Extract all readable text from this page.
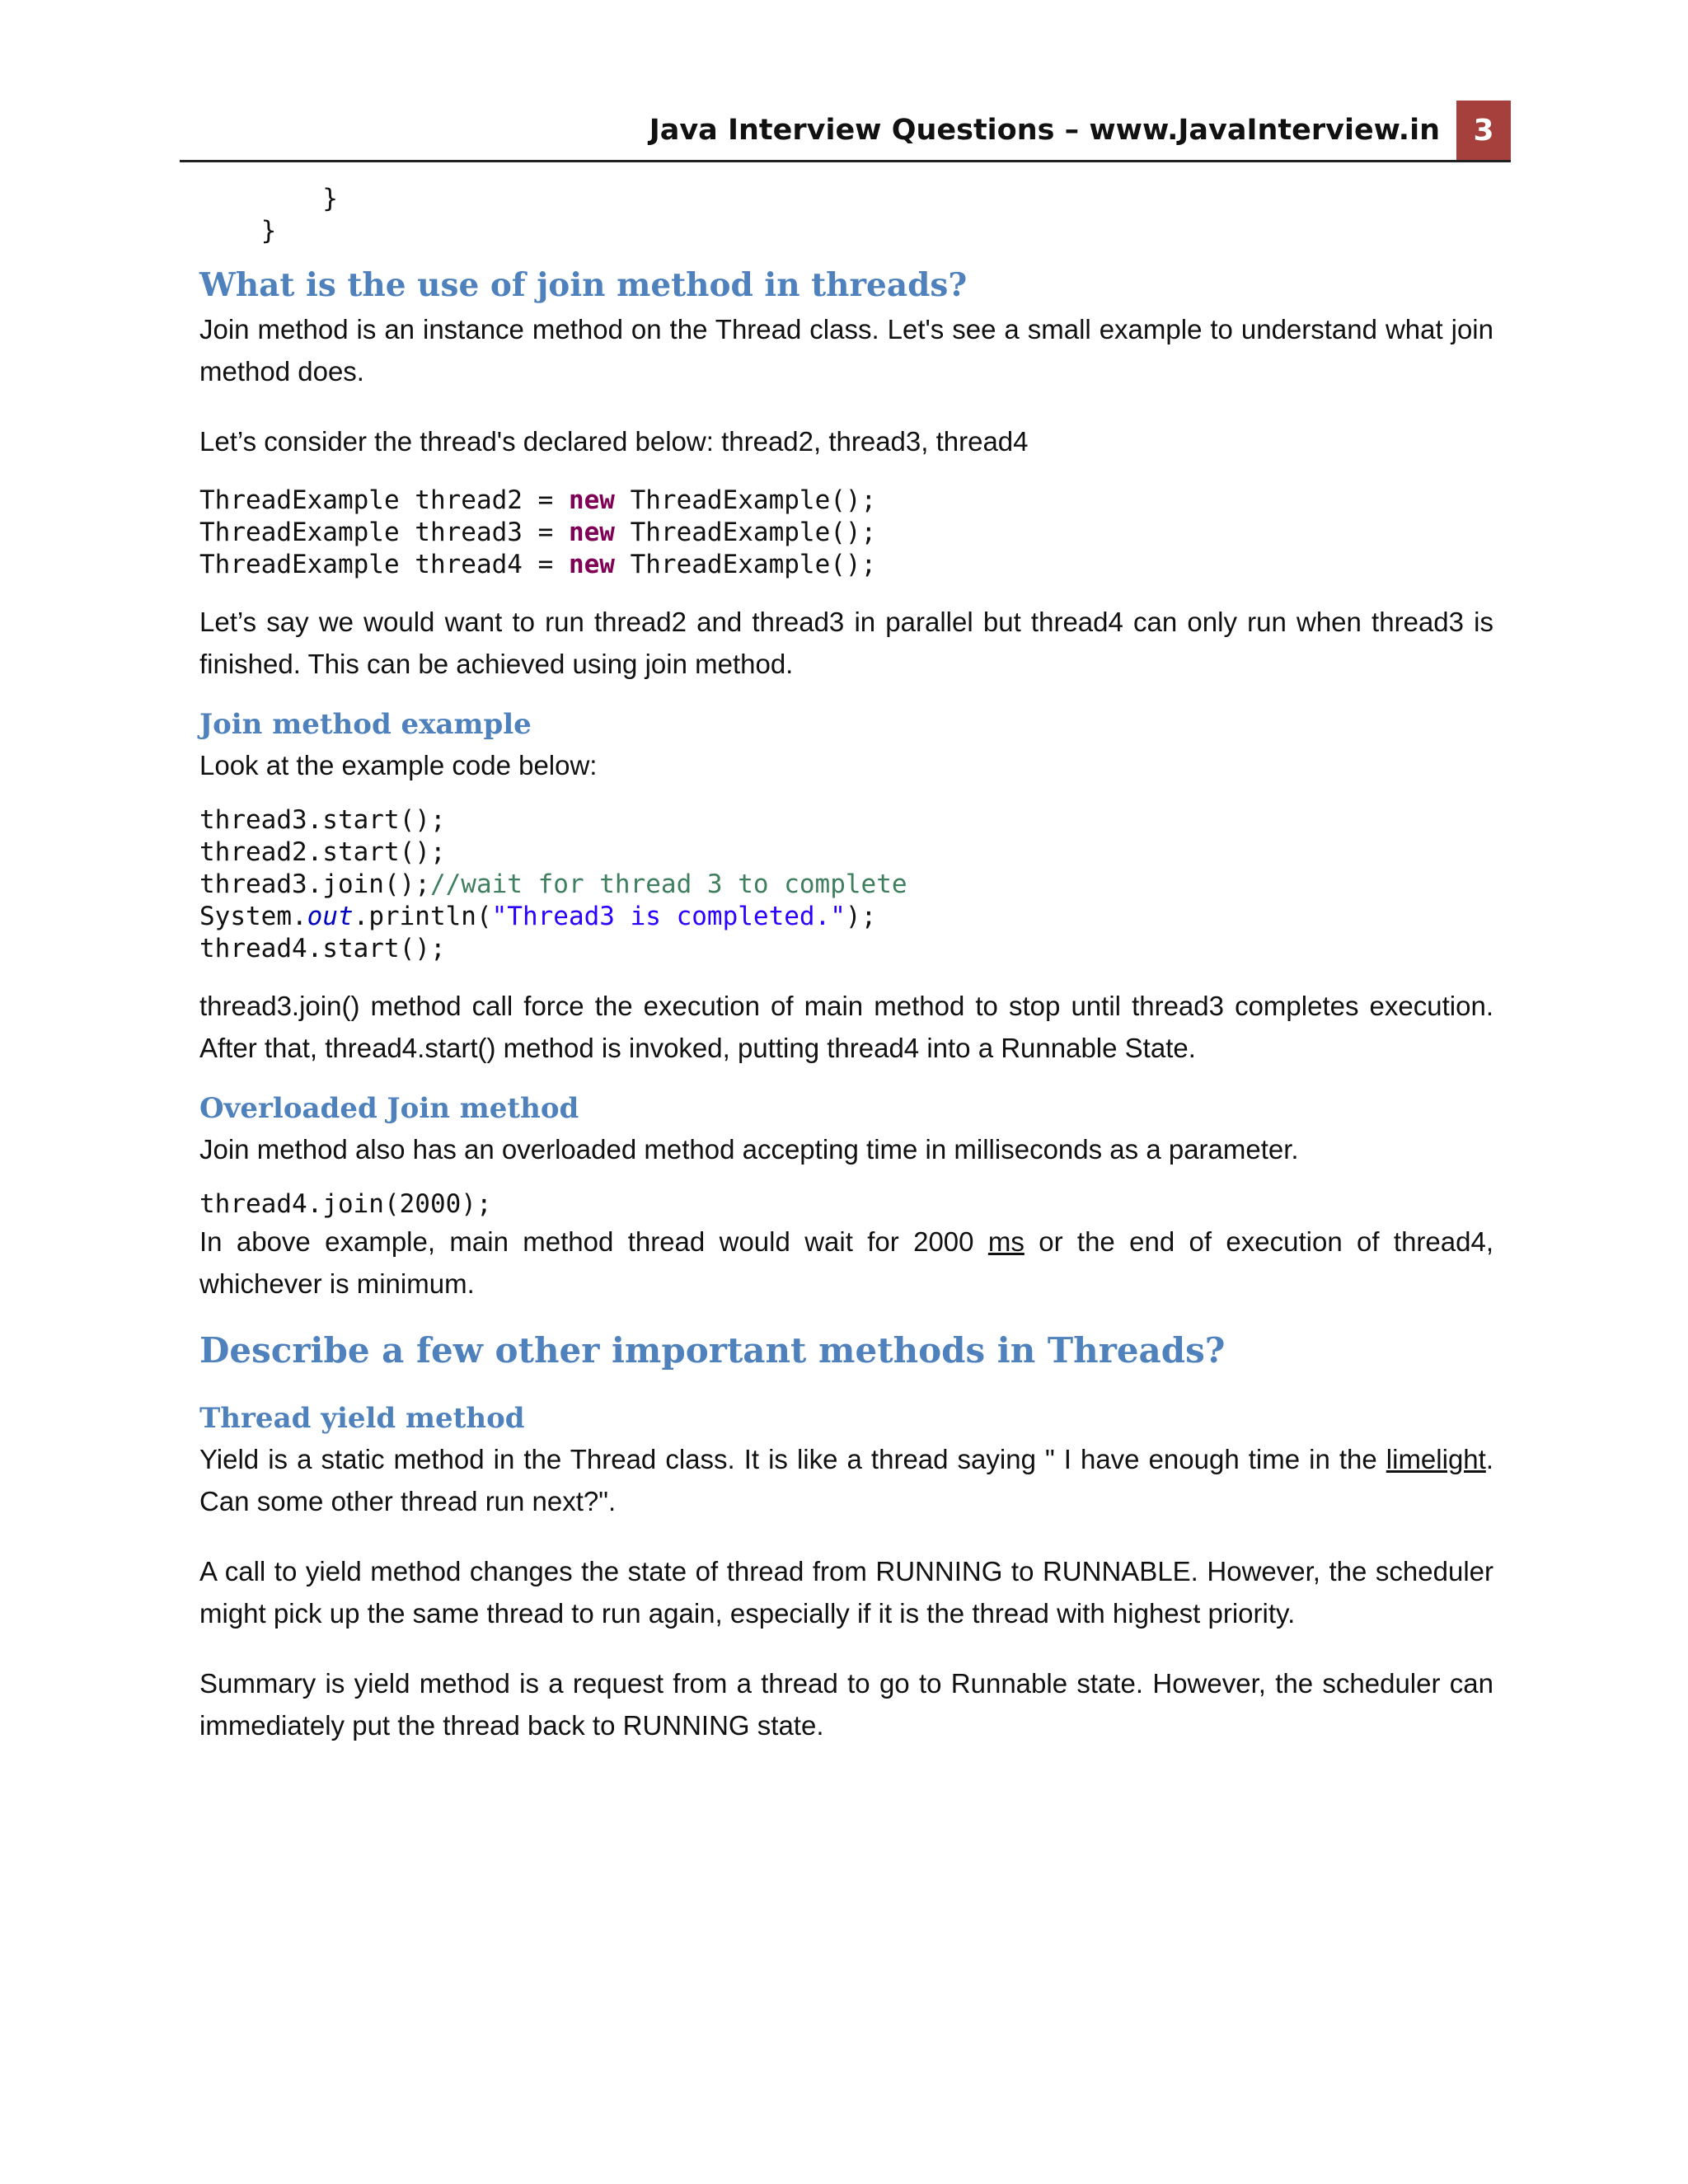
Java Interview Questions – www.JavaInterview.in	3
}
}
What is the use of join method in threads?

Join method is an instance method on the Thread class. Let's see a small example to understand what join method does.

Let’s consider the thread's declared below: thread2, thread3, thread4

ThreadExample thread2 = new ThreadExample();
ThreadExample thread3 = new ThreadExample();
ThreadExample thread4 = new ThreadExample();

Let’s say we would want to run thread2 and thread3 in parallel but thread4 can only run when thread3 is finished. This can be achieved using join method.

Join method example

Look at the example code below:

thread3.start();
thread2.start();
thread3.join();//wait for thread 3 to complete
System.out.println("Thread3 is completed.");
thread4.start();

thread3.join() method call force the execution of main method to stop until thread3 completes execution. After that, thread4.start() method is invoked, putting thread4 into a Runnable State.

Overloaded Join method

Join method also has an overloaded method accepting time in milliseconds as a parameter.

thread4.join(2000);

In above example, main method thread would wait for 2000 ms or the end of execution of thread4, whichever is minimum.

Describe a few other important methods in Threads?
Thread yield method

Yield is a static method in the Thread class. It is like a thread saying " I have enough time in the limelight. Can some other thread run next?".

A call to yield method changes the state of thread from RUNNING to RUNNABLE. However, the scheduler might pick up the same thread to run again, especially if it is the thread with highest priority.

Summary is yield method is a request from a thread to go to Runnable state. However, the scheduler can immediately put the thread back to RUNNING state.
